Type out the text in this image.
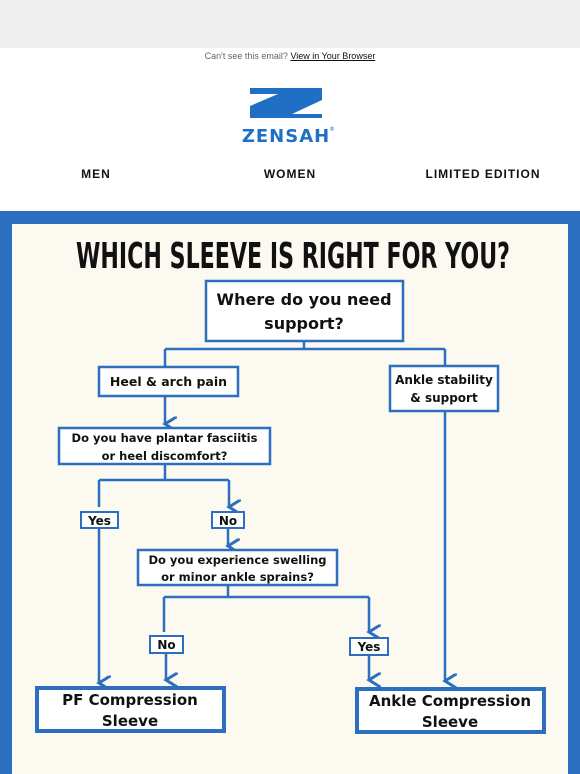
Can't see this email? View in Your Browser
ZENSAH
®
MEN	WOMEN	LIMITED EDITION
WHICH SLEEVE IS RIGHT FOR YOU?
Where do you need
support?
Heel & arch pain	Ankle stability
& support
Do you have plantar fasciitis
or heel discomfort?
Yes	No
Do you experience swelling
or minor ankle sprains?
No	Yes
PF Compression
Sleeve
Ankle Compression
Sleeve
